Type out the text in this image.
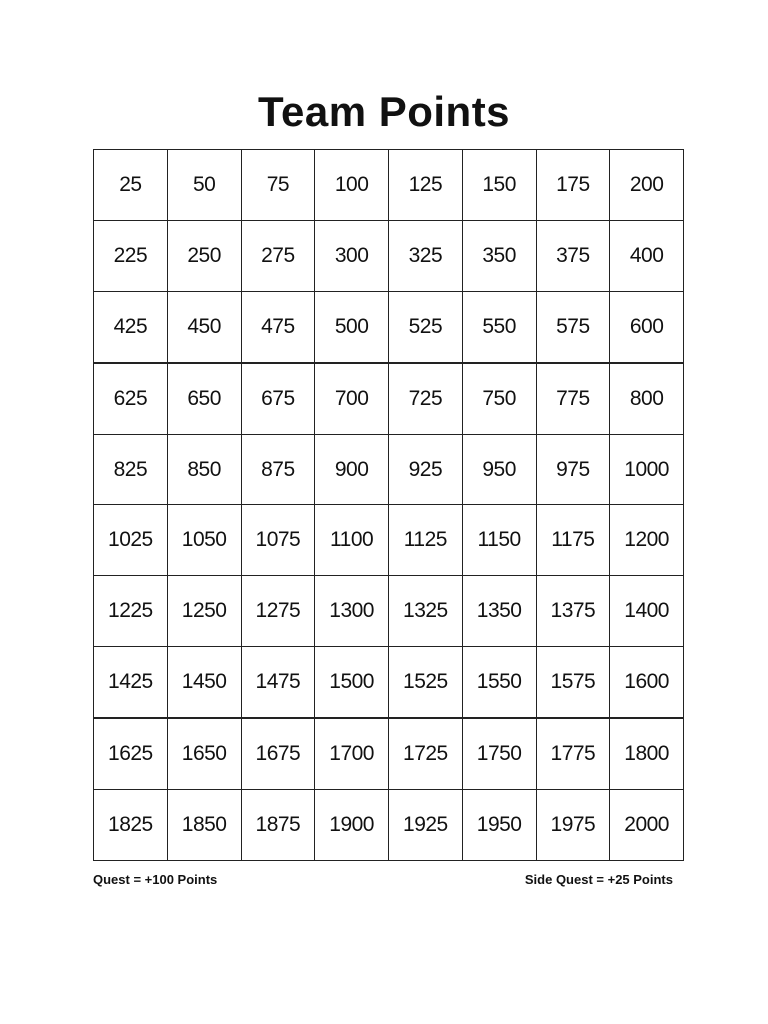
Team Points
25	50	75	100	125	150	175	200
225	250	275	300	325	350	375	400
425	450	475	500	525	550	575	600
625	650	675	700	725	750	775	800
825	850	875	900	925	950	975	1000
1025	1050	1075	1100	1125	1150	1175	1200
1225	1250	1275	1300	1325	1350	1375	1400
1425	1450	1475	1500	1525	1550	1575	1600
1625	1650	1675	1700	1725	1750	1775	1800
1825	1850	1875	1900	1925	1950	1975	2000
Quest = +100 Points	Side Quest = +25 Points
